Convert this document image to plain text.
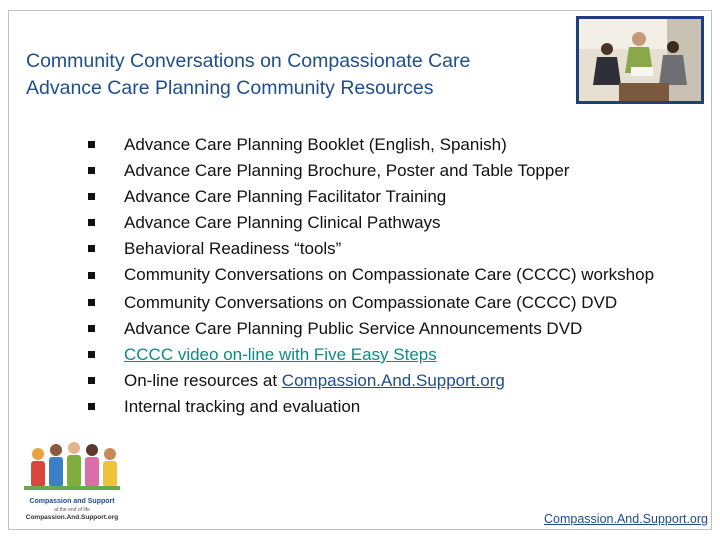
Community Conversations on Compassionate Care
Advance Care Planning Community Resources
Advance Care Planning Booklet (English, Spanish)
Advance Care Planning Brochure, Poster and Table Topper
Advance Care Planning Facilitator Training
Advance Care Planning Clinical Pathways
Behavioral Readiness “tools”
Community Conversations on Compassionate Care (CCCC) workshop
Community Conversations on Compassionate Care (CCCC) DVD
Advance Care Planning Public Service Announcements DVD
CCCC video on-line with Five Easy Steps
On-line resources at Compassion.And.Support.org
Internal tracking and evaluation
Compassion and Support
at the end of life
Compassion.And.Support.org	Compassion.And.Support.org
